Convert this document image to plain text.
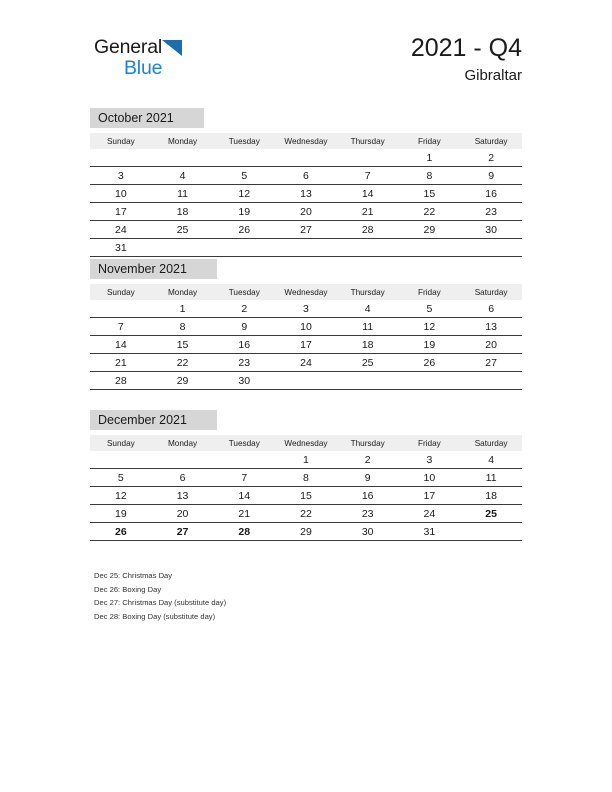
General
Blue
2021 - Q4
Gibraltar
October 2021
Sunday	Monday	Tuesday	Wednesday	Thursday	Friday	Saturday
					1	2
3	4	5	6	7	8	9
10	11	12	13	14	15	16
17	18	19	20	21	22	23
24	25	26	27	28	29	30
31						
November 2021
Sunday	Monday	Tuesday	Wednesday	Thursday	Friday	Saturday
	1	2	3	4	5	6
7	8	9	10	11	12	13
14	15	16	17	18	19	20
21	22	23	24	25	26	27
28	29	30				
December 2021
Sunday	Monday	Tuesday	Wednesday	Thursday	Friday	Saturday
			1	2	3	4
5	6	7	8	9	10	11
12	13	14	15	16	17	18
19	20	21	22	23	24	25
26	27	28	29	30	31	
Dec 25: Christmas Day
Dec 26: Boxing Day
Dec 27: Christmas Day (substitute day)
Dec 28: Boxing Day (substitute day)
